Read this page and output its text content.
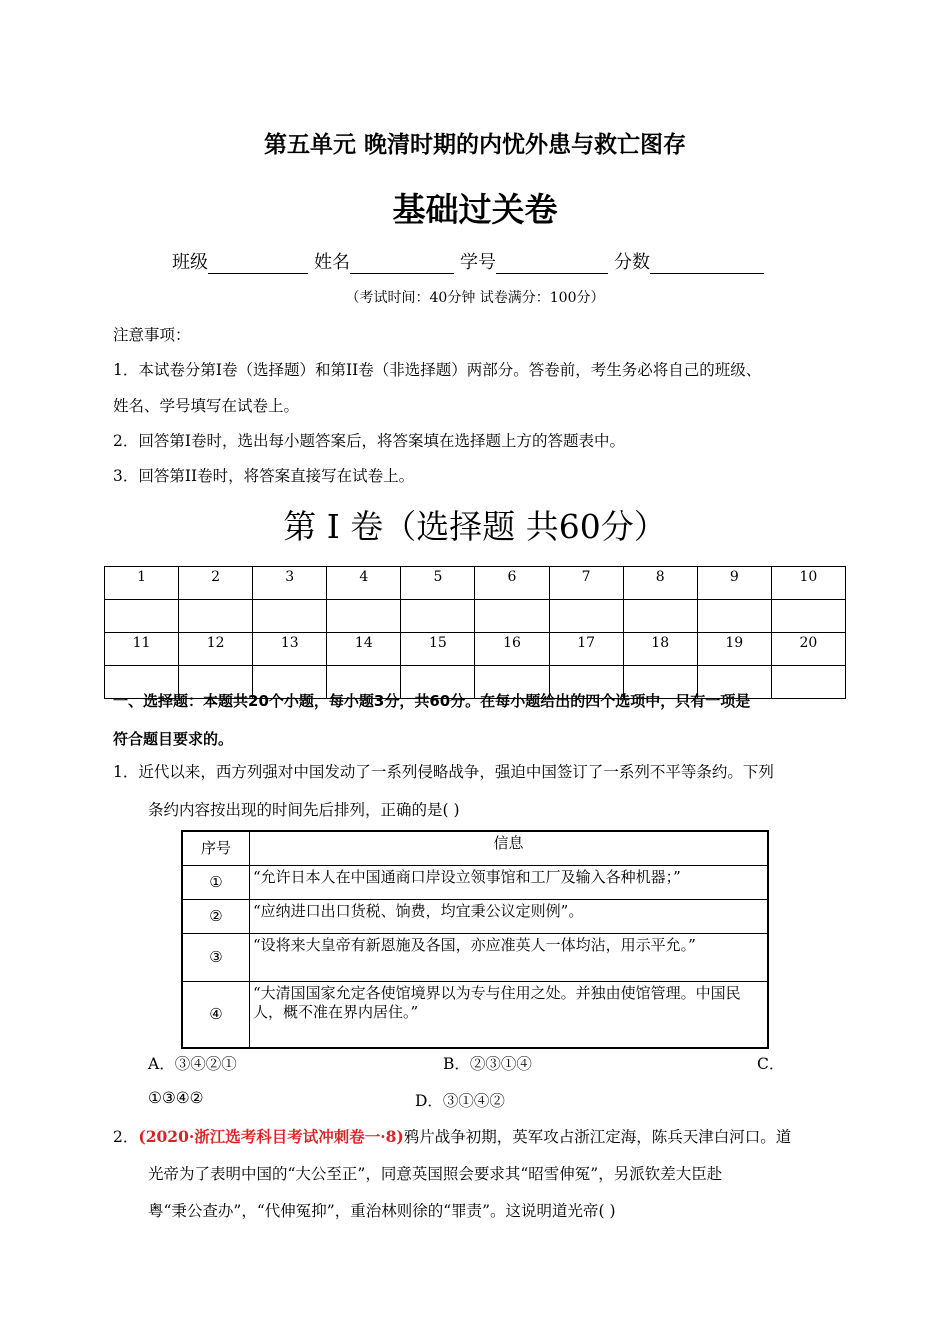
第五单元 晚清时期的内忧外患与救亡图存
基础过关卷
班级	姓名	学号	分数
（考试时间：40分钟 试卷满分：100分）
注意事项：
1．本试卷分第I卷（选择题）和第II卷（非选择题）两部分。答卷前，考生务必将自己的班级、
姓名、学号填写在试卷上。
2．回答第I卷时，选出每小题答案后，将答案填在选择题上方的答题表中。
3．回答第II卷时，将答案直接写在试卷上。
第 I 卷（选择题 共60分）
1	2	3	4	5	6	7	8	9	10

11	12	13	14	15	16	17	18	19	20

一、选择题：本题共20个小题，每小题3分，共60分。在每小题给出的四个选项中，只有一项是
符合题目要求的。
1．近代以来，西方列强对中国发动了一系列侵略战争，强迫中国签订了一系列不平等条约。下列
条约内容按出现的时间先后排列，正确的是( )
序号	信息
①	“允许日本人在中国通商口岸设立领事馆和工厂及输入各种机器；”
②	“应纳进口出口货税、饷费，均宜秉公议定则例”。
③	“设将来大皇帝有新恩施及各国，亦应准英人一体均沾，用示平允。”
④	“大清国国家允定各使馆境界以为专与住用之处。并独由使馆管理。中国民人，概不准在界内居住。”
A．③④②①	B．②③①④	C．
①③④②	D．③①④②
2．(2020·浙江选考科目考试冲刺卷一·8)鸦片战争初期，英军攻占浙江定海，陈兵天津白河口。道
光帝为了表明中国的“大公至正”，同意英国照会要求其“昭雪伸冤”，另派钦差大臣赴
粤“秉公查办”，“代伸冤抑”，重治林则徐的“罪责”。这说明道光帝( )
